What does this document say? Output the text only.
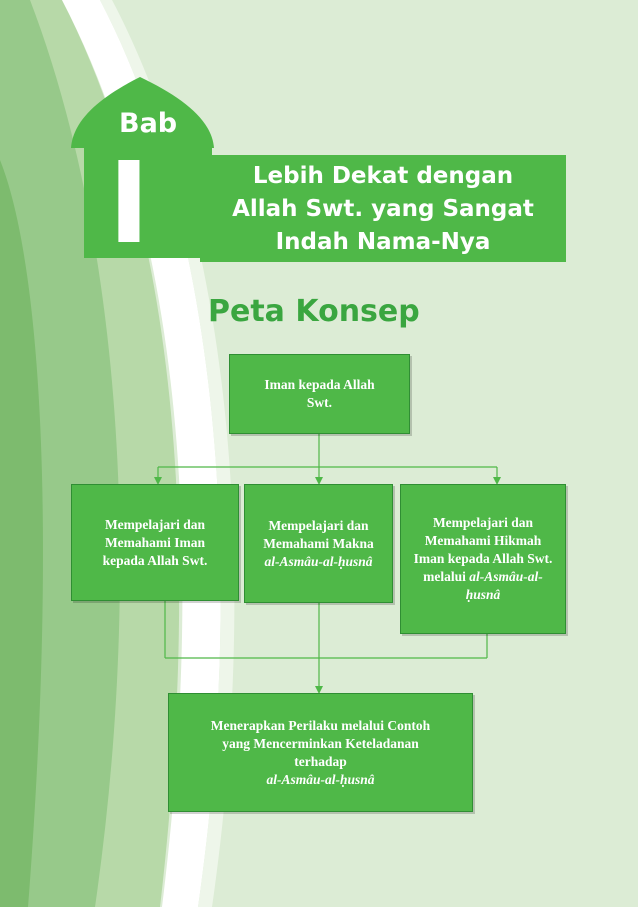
Bab
I	Lebih Dekat dengan
Allah Swt. yang Sangat
Indah Nama-Nya
Peta Konsep
Iman kepada Allah Swt.
Mempelajari dan Memahami Iman kepada Allah Swt.
Mempelajari dan Memahami Makna al-Asmâu-al-ḥusnâ
Mempelajari dan Memahami Hikmah Iman kepada Allah Swt. melalui al-Asmâu-al-ḥusnâ
Menerapkan Perilaku melalui Contoh yang Mencerminkan Keteladanan terhadap
al-Asmâu-al-ḥusnâ
